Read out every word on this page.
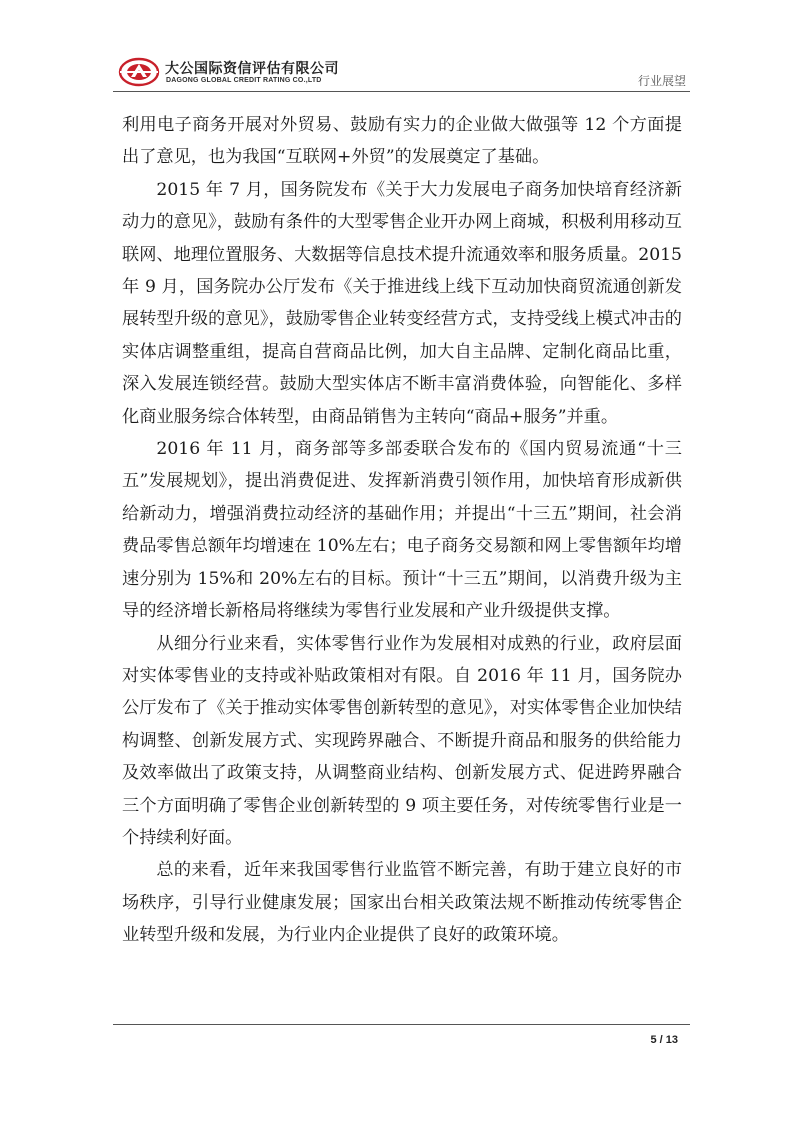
大公国际资信评估有限公司
DAGONG GLOBAL CREDIT RATING CO.,LTD	行业展望

利用电子商务开展对外贸易、鼓励有实力的企业做大做强等 12 个方面提出了意见，也为我国“互联网+外贸”的发展奠定了基础。

2015 年 7 月，国务院发布《关于大力发展电子商务加快培育经济新动力的意见》，鼓励有条件的大型零售企业开办网上商城，积极利用移动互联网、地理位置服务、大数据等信息技术提升流通效率和服务质量。2015 年 9 月，国务院办公厅发布《关于推进线上线下互动加快商贸流通创新发展转型升级的意见》，鼓励零售企业转变经营方式，支持受线上模式冲击的实体店调整重组，提高自营商品比例，加大自主品牌、定制化商品比重，深入发展连锁经营。鼓励大型实体店不断丰富消费体验，向智能化、多样化商业服务综合体转型，由商品销售为主转向“商品+服务”并重。

2016 年 11 月，商务部等多部委联合发布的《国内贸易流通“十三五”发展规划》，提出消费促进、发挥新消费引领作用，加快培育形成新供给新动力，增强消费拉动经济的基础作用；并提出“十三五”期间，社会消费品零售总额年均增速在 10%左右；电子商务交易额和网上零售额年均增速分别为 15%和 20%左右的目标。预计“十三五”期间，以消费升级为主导的经济增长新格局将继续为零售行业发展和产业升级提供支撑。

从细分行业来看，实体零售行业作为发展相对成熟的行业，政府层面对实体零售业的支持或补贴政策相对有限。自 2016 年 11 月，国务院办公厅发布了《关于推动实体零售创新转型的意见》，对实体零售企业加快结构调整、创新发展方式、实现跨界融合、不断提升商品和服务的供给能力及效率做出了政策支持，从调整商业结构、创新发展方式、促进跨界融合三个方面明确了零售企业创新转型的 9 项主要任务，对传统零售行业是一个持续利好面。

总的来看，近年来我国零售行业监管不断完善，有助于建立良好的市场秩序，引导行业健康发展；国家出台相关政策法规不断推动传统零售企业转型升级和发展，为行业内企业提供了良好的政策环境。

5 / 13
